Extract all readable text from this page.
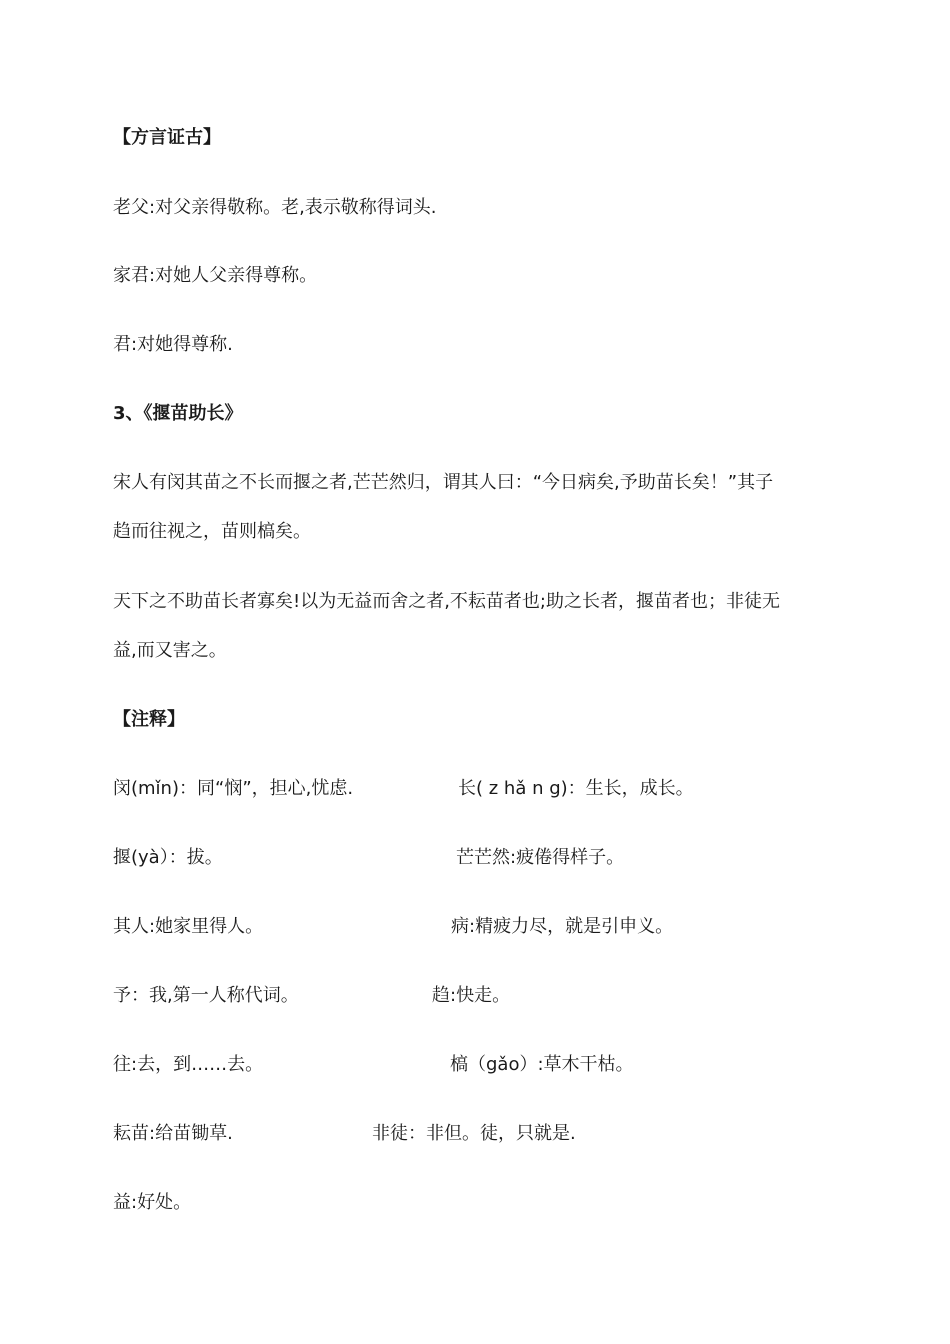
【方言证古】
老父:对父亲得敬称。老,表示敬称得词头.
家君:对她人父亲得尊称。
君:对她得尊称.
3、《揠苗助长》
宋人有闵其苗之不长而揠之者,芒芒然归，谓其人曰：“今日病矣,予助苗长矣！”其子
趋而往视之，苗则槁矣。
天下之不助苗长者寡矣!以为无益而舍之者,不耘苗者也;助之长者，揠苗者也；非徒无
益,而又害之。
【注释】
闵(mǐn)：同“悯”，担心,忧虑.	长( z hǎ n g)：生长，成长。
揠(yà）：拔。	芒芒然:疲倦得样子。
其人:她家里得人。	病:精疲力尽，就是引申义。
予：我,第一人称代词。	趋:快走。
往:去，到……去。	槁（gǎo）:草木干枯。
耘苗:给苗锄草.	非徒：非但。徒，只就是.
益:好处。
